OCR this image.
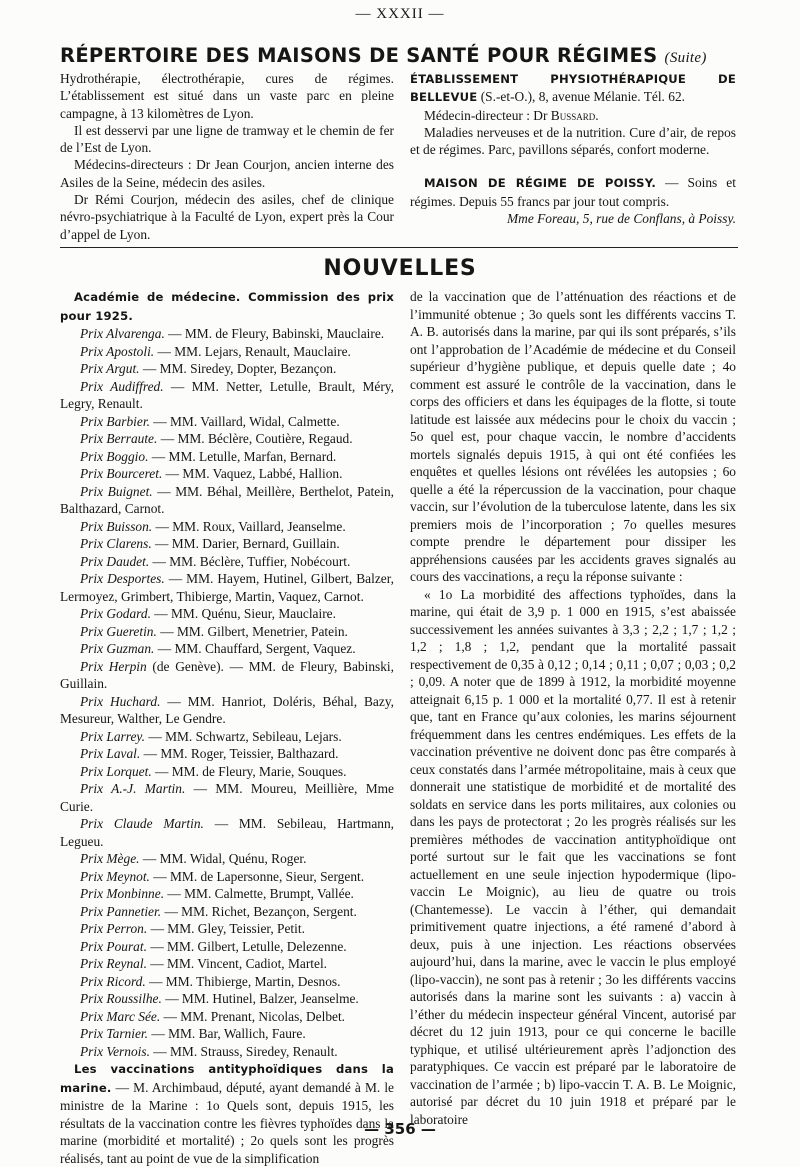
— XXXII —
RÉPERTOIRE DES MAISONS DE SANTÉ POUR RÉGIMES (Suite)

Hydrothérapie, électrothérapie, cures de régimes. L’établissement est situé dans un vaste parc en pleine campagne, à 13 kilomètres de Lyon.

Il est desservi par une ligne de tramway et le chemin de fer de l’Est de Lyon.

Médecins-directeurs : Dr Jean Courjon, ancien interne des Asiles de la Seine, médecin des asiles.

Dr Rémi Courjon, médecin des asiles, chef de clinique névro-psychiatrique à la Faculté de Lyon, expert près la Cour d’appel de Lyon.

ÉTABLISSEMENT PHYSIOTHÉRAPIQUE DE BELLEVUE (S.-et-O.), 8, avenue Mélanie. Tél. 62.

Médecin-directeur : Dr Bussard.

Maladies nerveuses et de la nutrition. Cure d’air, de repos et de régimes. Parc, pavillons séparés, confort moderne.

MAISON DE RÉGIME DE POISSY. — Soins et régimes. Depuis 55 francs par jour tout compris.

Mme Foreau, 5, rue de Conflans, à Poissy.

NOUVELLES

Académie de médecine. Commission des prix pour 1925.

Prix Alvarenga. — MM. de Fleury, Babinski, Mauclaire.

Prix Apostoli. — MM. Lejars, Renault, Mauclaire.

Prix Argut. — MM. Siredey, Dopter, Bezançon.

Prix Audiffred. — MM. Netter, Letulle, Brault, Méry, Legry, Renault.

Prix Barbier. — MM. Vaillard, Widal, Calmette.

Prix Berraute. — MM. Béclère, Coutière, Regaud.

Prix Boggio. — MM. Letulle, Marfan, Bernard.

Prix Bourceret. — MM. Vaquez, Labbé, Hallion.

Prix Buignet. — MM. Béhal, Meillère, Berthelot, Patein, Balthazard, Carnot.

Prix Buisson. — MM. Roux, Vaillard, Jeanselme.

Prix Clarens. — MM. Darier, Bernard, Guillain.

Prix Daudet. — MM. Béclère, Tuffier, Nobécourt.

Prix Desportes. — MM. Hayem, Hutinel, Gilbert, Balzer, Lermoyez, Grimbert, Thibierge, Martin, Vaquez, Carnot.

Prix Godard. — MM. Quénu, Sieur, Mauclaire.

Prix Gueretin. — MM. Gilbert, Menetrier, Patein.

Prix Guzman. — MM. Chauffard, Sergent, Vaquez.

Prix Herpin (de Genève). — MM. de Fleury, Babinski, Guillain.

Prix Huchard. — MM. Hanriot, Doléris, Béhal, Bazy, Mesureur, Walther, Le Gendre.

Prix Larrey. — MM. Schwartz, Sebileau, Lejars.

Prix Laval. — MM. Roger, Teissier, Balthazard.

Prix Lorquet. — MM. de Fleury, Marie, Souques.

Prix A.-J. Martin. — MM. Moureu, Meillière, Mme Curie.

Prix Claude Martin. — MM. Sebileau, Hartmann, Legueu.

Prix Mège. — MM. Widal, Quénu, Roger.

Prix Meynot. — MM. de Lapersonne, Sieur, Sergent.

Prix Monbinne. — MM. Calmette, Brumpt, Vallée.

Prix Pannetier. — MM. Richet, Bezançon, Sergent.

Prix Perron. — MM. Gley, Teissier, Petit.

Prix Pourat. — MM. Gilbert, Letulle, Delezenne.

Prix Reynal. — MM. Vincent, Cadiot, Martel.

Prix Ricord. — MM. Thibierge, Martin, Desnos.

Prix Roussilhe. — MM. Hutinel, Balzer, Jeanselme.

Prix Marc Sée. — MM. Prenant, Nicolas, Delbet.

Prix Tarnier. — MM. Bar, Wallich, Faure.

Prix Vernois. — MM. Strauss, Siredey, Renault.

Les vaccinations antityphoïdiques dans la marine. — M. Archimbaud, député, ayant demandé à M. le ministre de la Marine : 1o Quels sont, depuis 1915, les résultats de la vaccination contre les fièvres typhoïdes dans la marine (morbidité et mortalité) ; 2o quels sont les progrès réalisés, tant au point de vue de la simplification

de la vaccination que de l’atténuation des réactions et de l’immunité obtenue ; 3o quels sont les différents vaccins T. A. B. autorisés dans la marine, par qui ils sont préparés, s’ils ont l’approbation de l’Académie de médecine et du Conseil supérieur d’hygiène publique, et depuis quelle date ; 4o comment est assuré le contrôle de la vaccination, dans le corps des officiers et dans les équipages de la flotte, si toute latitude est laissée aux médecins pour le choix du vaccin ; 5o quel est, pour chaque vaccin, le nombre d’accidents mortels signalés depuis 1915, à qui ont été confiées les enquêtes et quelles lésions ont révélées les autopsies ; 6o quelle a été la répercussion de la vaccination, pour chaque vaccin, sur l’évolution de la tuberculose latente, dans les six premiers mois de l’incorporation ; 7o quelles mesures compte prendre le département pour dissiper les appréhensions causées par les accidents graves signalés au cours des vaccinations, a reçu la réponse suivante :

« 1o La morbidité des affections typhoïdes, dans la marine, qui était de 3,9 p. 1 000 en 1915, s’est abaissée successivement les années suivantes à 3,3 ; 2,2 ; 1,7 ; 1,2 ; 1,2 ; 1,8 ; 1,2, pendant que la mortalité passait respectivement de 0,35 à 0,12 ; 0,14 ; 0,11 ; 0,07 ; 0,03 ; 0,2 ; 0,09. A noter que de 1899 à 1912, la morbidité moyenne atteignait 6,15 p. 1 000 et la mortalité 0,77. Il est à retenir que, tant en France qu’aux colonies, les marins séjournent fréquemment dans les centres endémiques. Les effets de la vaccination préventive ne doivent donc pas être comparés à ceux constatés dans l’armée métropolitaine, mais à ceux que donnerait une statistique de morbidité et de mortalité des soldats en service dans les ports militaires, aux colonies ou dans les pays de protectorat ; 2o les progrès réalisés sur les premières méthodes de vaccination antityphoïdique ont porté surtout sur le fait que les vaccinations se font actuellement en une seule injection hypodermique (lipo-vaccin Le Moignic), au lieu de quatre ou trois (Chantemesse). Le vaccin à l’éther, qui demandait primitivement quatre injections, a été ramené d’abord à deux, puis à une injection. Les réactions observées aujourd’hui, dans la marine, avec le vaccin le plus employé (lipo-vaccin), ne sont pas à retenir ; 3o les différents vaccins autorisés dans la marine sont les suivants : a) vaccin à l’éther du médecin inspecteur général Vincent, autorisé par décret du 12 juin 1913, pour ce qui concerne le bacille typhique, et utilisé ultérieurement après l’adjonction des paratyphiques. Ce vaccin est préparé par le laboratoire de vaccination de l’armée ; b) lipo-vaccin T. A. B. Le Moignic, autorisé par décret du 10 juin 1918 et préparé par le laboratoire

— 356 —
